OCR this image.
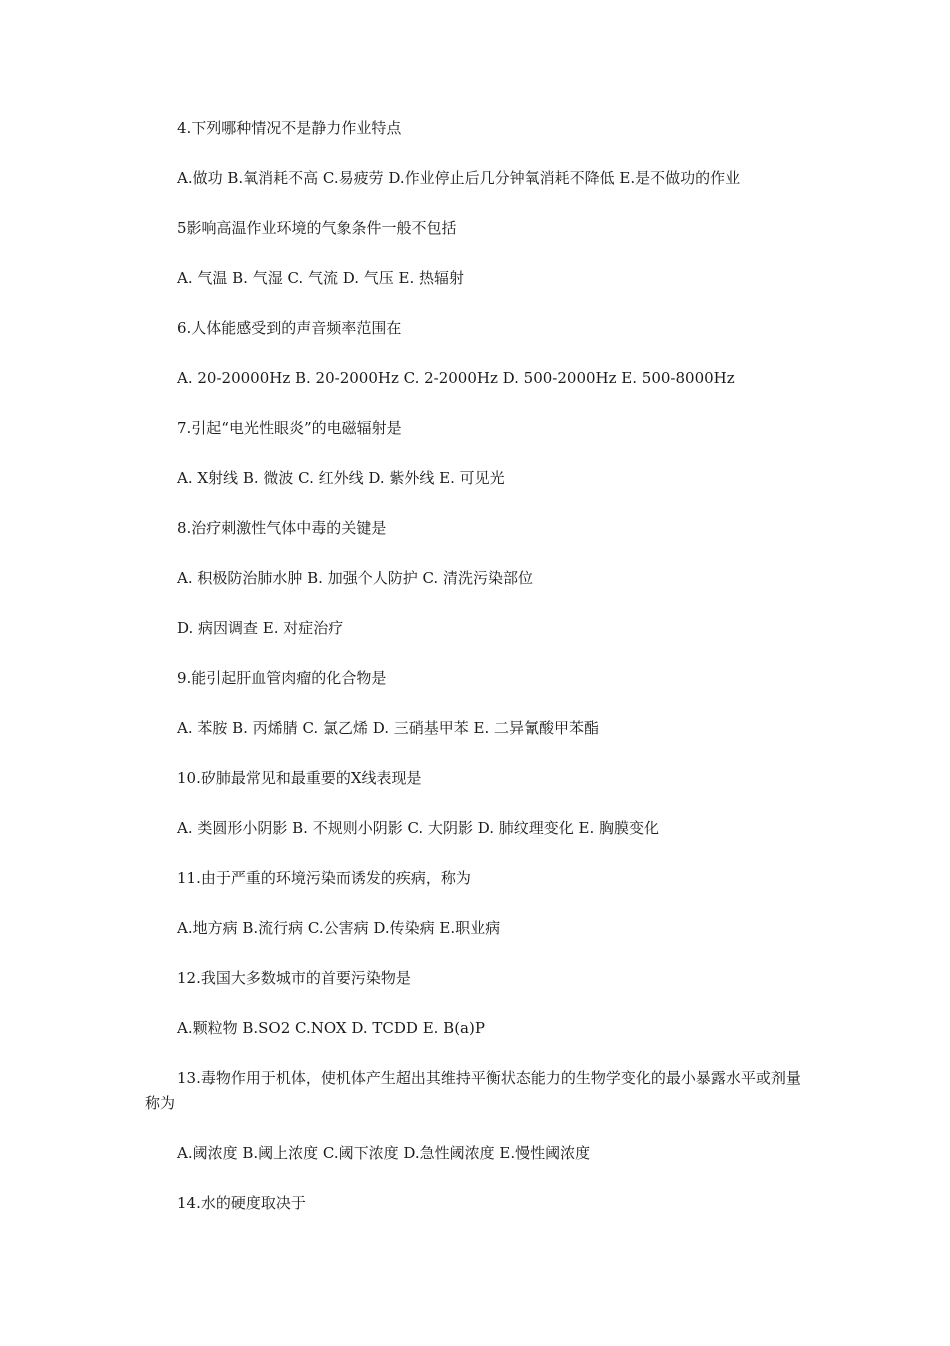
4.下列哪种情况不是静力作业特点

A.做功 B.氧消耗不高 C.易疲劳 D.作业停止后几分钟氧消耗不降低 E.是不做功的作业

5影响高温作业环境的气象条件一般不包括

A. 气温 B. 气湿 C. 气流 D. 气压 E. 热辐射

6.人体能感受到的声音频率范围在

A. 20-20000Hz B. 20-2000Hz C. 2-2000Hz D. 500-2000Hz E. 500-8000Hz

7.引起“电光性眼炎”的电磁辐射是

A. X射线 B. 微波 C. 红外线 D. 紫外线 E. 可见光

8.治疗刺激性气体中毒的关键是

A. 积极防治肺水肿 B. 加强个人防护 C. 清洗污染部位

D. 病因调查 E. 对症治疗

9.能引起肝血管肉瘤的化合物是

A. 苯胺 B. 丙烯腈 C. 氯乙烯 D. 三硝基甲苯 E. 二异氰酸甲苯酯

10.矽肺最常见和最重要的X线表现是

A. 类圆形小阴影 B. 不规则小阴影 C. 大阴影 D. 肺纹理变化 E. 胸膜变化

11.由于严重的环境污染而诱发的疾病，称为

A.地方病 B.流行病 C.公害病 D.传染病 E.职业病

12.我国大多数城市的首要污染物是

A.颗粒物 B.SO2 C.NOX D. TCDD E. B(a)P

13.毒物作用于机体，使机体产生超出其维持平衡状态能力的生物学变化的最小暴露水平或剂量称为

A.阈浓度 B.阈上浓度 C.阈下浓度 D.急性阈浓度 E.慢性阈浓度

14.水的硬度取决于
